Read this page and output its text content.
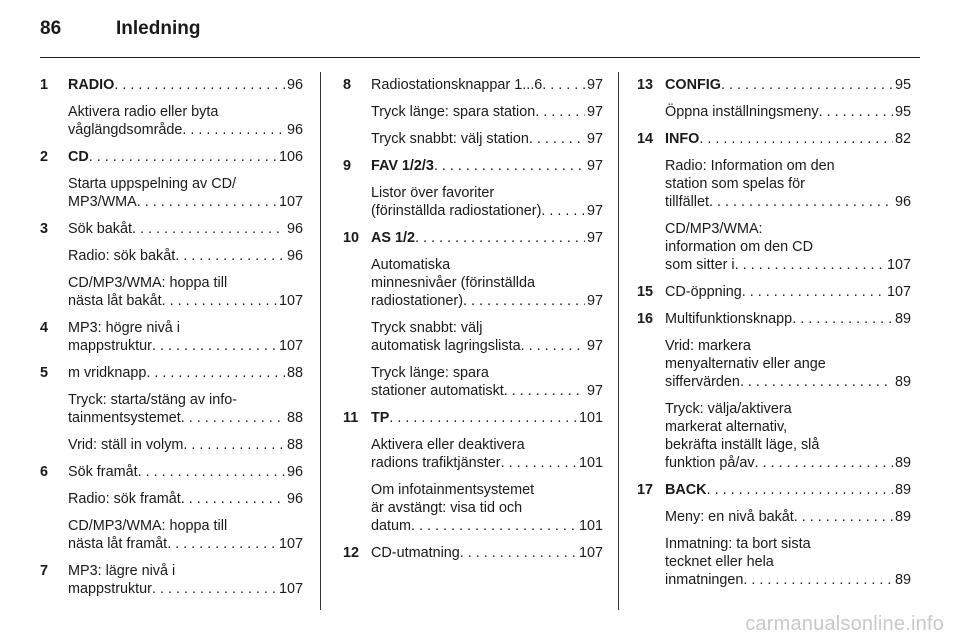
86	Inledning
1	RADIO . . .	96
Aktivera radio eller byta
våglängdsområde . . .	96
2	CD . . .	106
Starta uppspelning av CD/
MP3/WMA . . .	107
3	Sök bakåt . . .	96
Radio: sök bakåt . . .	96
CD/MP3/WMA: hoppa till
nästa låt bakåt . . .	107
4	MP3: högre nivå i
mappstruktur . . .	107
5	m vridknapp . . .	88
Tryck: starta/stäng av info-
tainmentsystemet . . .	88
Vrid: ställ in volym . . .	88
6	Sök framåt . . .	96
Radio: sök framåt . . .	96
CD/MP3/WMA: hoppa till
nästa låt framåt . . .	107
7	MP3: lägre nivå i
mappstruktur . . .	107
8	Radiostationsknappar 1...6 . . .	97
Tryck länge: spara station . . .	97
Tryck snabbt: välj station . . .	97
9	FAV 1/2/3 . . .	97
Listor över favoriter
(förinställda radiostationer) . . .	97
10 AS 1/2 . . .	97
Automatiska
minnesnivåer (förinställda
radiostationer) . . .	97
Tryck snabbt: välj
automatisk lagringslista . . .	97
Tryck länge: spara
stationer automatiskt . . .	97
11 TP . . .	101
Aktivera eller deaktivera
radions trafiktjänster . . .	101
Om infotainmentsystemet
är avstängt: visa tid och
datum . . .	101
12 CD-utmatning . . .	107
13 CONFIG . . .	95
Öppna inställningsmeny . . .	95
14 INFO . . .	82
Radio: Information om den
station som spelas för
tillfället . . .	96
CD/MP3/WMA:
information om den CD
som sitter i . . .	107
15 CD-öppning . . .	107
16 Multifunktionsknapp . . .	89
Vrid: markera
menyalternativ eller ange
siffervärden . . .	89
Tryck: välja/aktivera
markerat alternativ,
bekräfta inställt läge, slå
funktion på/av . . .	89
17 BACK . . .	89
Meny: en nivå bakåt . . .	89
Inmatning: ta bort sista
tecknet eller hela
inmatningen . . .	89
carmanualsonline.info
